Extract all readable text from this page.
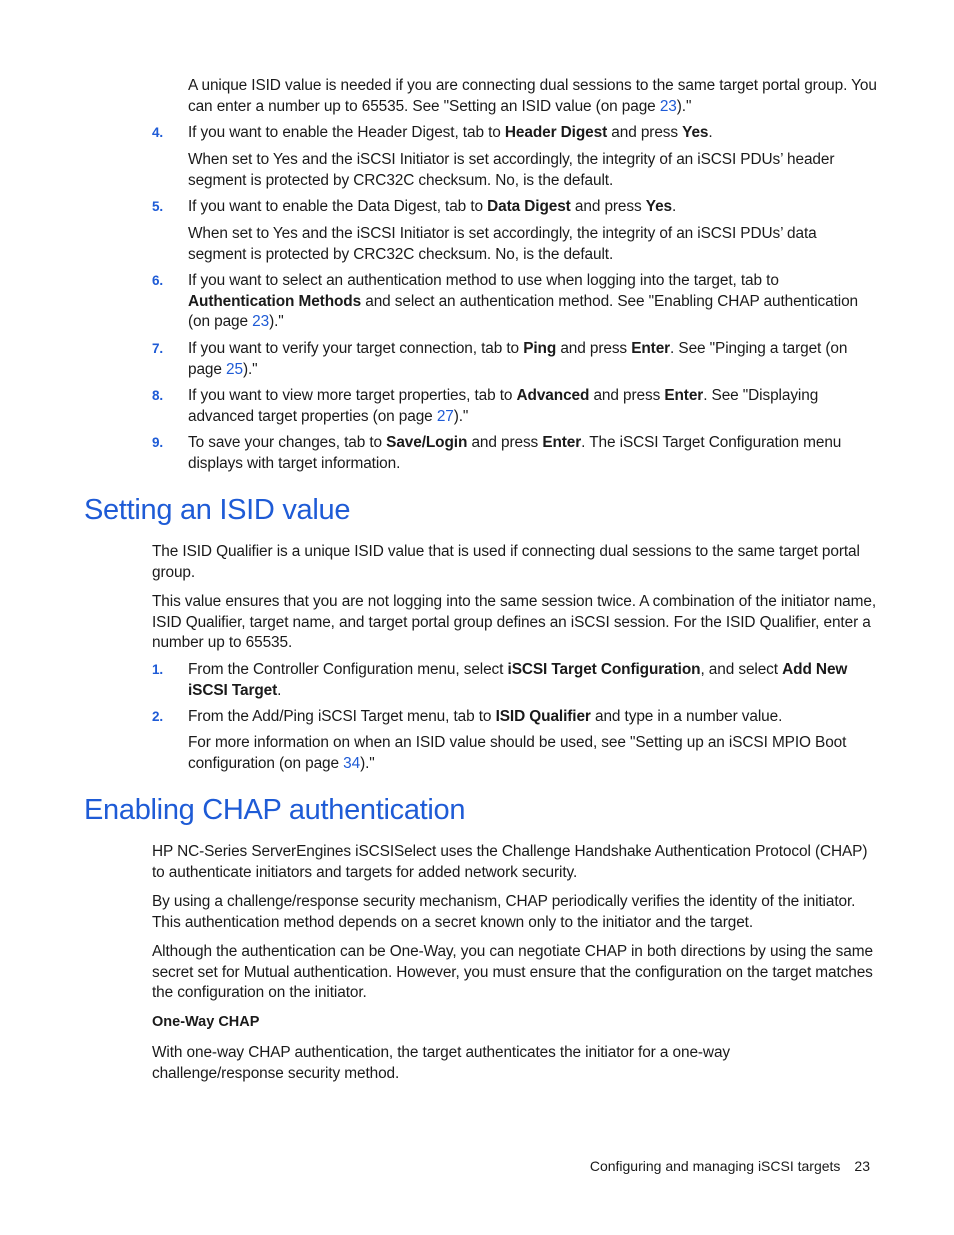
A unique ISID value is needed if you are connecting dual sessions to the same target portal group. You can enter a number up to 65535. See "Setting an ISID value (on page 23)."

4. If you want to enable the Header Digest, tab to Header Digest and press Yes.

When set to Yes and the iSCSI Initiator is set accordingly, the integrity of an iSCSI PDUs’ header segment is protected by CRC32C checksum. No, is the default.

5. If you want to enable the Data Digest, tab to Data Digest and press Yes.

When set to Yes and the iSCSI Initiator is set accordingly, the integrity of an iSCSI PDUs’ data segment is protected by CRC32C checksum. No, is the default.

6. If you want to select an authentication method to use when logging into the target, tab to Authentication Methods and select an authentication method. See "Enabling CHAP authentication (on page 23)."
7. If you want to verify your target connection, tab to Ping and press Enter. See "Pinging a target (on page 25)."
8. If you want to view more target properties, tab to Advanced and press Enter. See "Displaying advanced target properties (on page 27)."
9. To save your changes, tab to Save/Login and press Enter. The iSCSI Target Configuration menu displays with target information.
Setting an ISID value

The ISID Qualifier is a unique ISID value that is used if connecting dual sessions to the same target portal group.

This value ensures that you are not logging into the same session twice. A combination of the initiator name, ISID Qualifier, target name, and target portal group defines an iSCSI session. For the ISID Qualifier, enter a number up to 65535.

1. From the Controller Configuration menu, select iSCSI Target Configuration, and select Add New iSCSI Target.
2. From the Add/Ping iSCSI Target menu, tab to ISID Qualifier and type in a number value.

For more information on when an ISID value should be used, see "Setting up an iSCSI MPIO Boot configuration (on page 34)."

Enabling CHAP authentication

HP NC-Series ServerEngines iSCSISelect uses the Challenge Handshake Authentication Protocol (CHAP) to authenticate initiators and targets for added network security.

By using a challenge/response security mechanism, CHAP periodically verifies the identity of the initiator. This authentication method depends on a secret known only to the initiator and the target.

Although the authentication can be One-Way, you can negotiate CHAP in both directions by using the same secret set for Mutual authentication. However, you must ensure that the configuration on the target matches the configuration on the initiator.

One-Way CHAP

With one-way CHAP authentication, the target authenticates the initiator for a one-way challenge/response security method.

Configuring and managing iSCSI targets 23
